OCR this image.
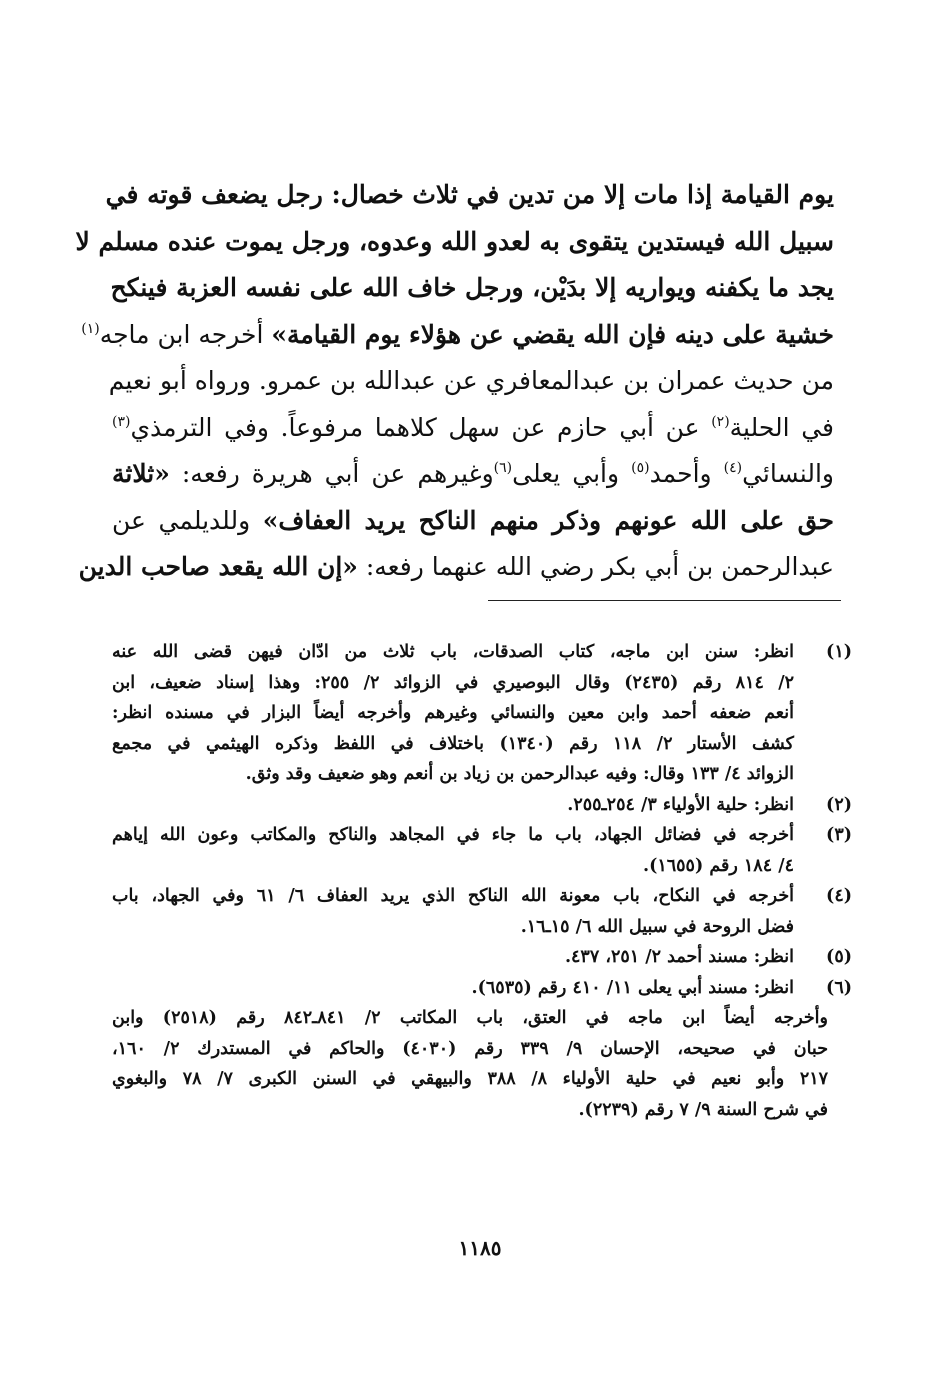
يوم القيامة إذا مات إلا من تدين في ثلاث خصال: رجل يضعف قوته في
سبيل الله فيستدين يتقوى به لعدو الله وعدوه، ورجل يموت عنده مسلم لا
يجد ما يكفنه ويواريه إلا بدَيْن، ورجل خاف الله على نفسه العزبة فينكح
خشية على دينه فإن الله يقضي عن هؤلاء يوم القيامة» أخرجه ابن ماجه$^{(١)}$
من حديث عمران بن عبدالمعافري عن عبدالله بن عمرو. ورواه أبو نعيم
في الحلية$^{(٢)}$ عن أبي حازم عن سهل كلاهما مرفوعاً. وفي الترمذي$^{(٣)}$
والنسائي$^{(٤)}$ وأحمد$^{(٥)}$ وأبي يعلى$^{(٦)}$وغيرهم عن أبي هريرة رفعه: «ثلاثة
حق على الله عونهم وذكر منهم الناكح يريد العفاف» وللديلمي عن
عبدالرحمن بن أبي بكر رضي الله عنهما رفعه: «إن الله يقعد صاحب الدين
(١)
انظر: سنن ابن ماجه، كتاب الصدقات، باب ثلاث من ادّان فيهن قضى الله عنه
٢/ ٨١٤ رقم (٢٤٣٥) وقال البوصيري في الزوائد ٢/ ٢٥٥: وهذا إسناد ضعيف، ابن
أنعم ضعفه أحمد وابن معين والنسائي وغيرهم وأخرجه أيضاً البزار في مسنده انظر:
كشف الأستار ٢/ ١١٨ رقم (١٣٤٠) باختلاف في اللفظ وذكره الهيثمي في مجمع
الزوائد ٤/ ١٣٣ وقال: وفيه عبدالرحمن بن زياد بن أنعم وهو ضعيف وقد وثق.
(٢)
انظر: حلية الأولياء ٣/ ٢٥٤ـ٢٥٥.
(٣)
أخرجه في فضائل الجهاد، باب ما جاء في المجاهد والناكح والمكاتب وعون الله إياهم
٤/ ١٨٤ رقم (١٦٥٥).
(٤)
أخرجه في النكاح، باب معونة الله الناكح الذي يريد العفاف ٦/ ٦١ وفي الجهاد، باب
فضل الروحة في سبيل الله ٦/ ١٥ـ١٦.
(٥)
انظر: مسند أحمد ٢/ ٢٥١، ٤٣٧.
(٦)
انظر: مسند أبي يعلى ١١/ ٤١٠ رقم (٦٥٣٥).
وأخرجه أيضاً ابن ماجه في العتق، باب المكاتب ٢/ ٨٤١ـ٨٤٢ رقم (٢٥١٨) وابن
حبان في صحيحه، الإحسان ٩/ ٣٣٩ رقم (٤٠٣٠) والحاكم في المستدرك ٢/ ١٦٠،
٢١٧ وأبو نعيم في حلية الأولياء ٨/ ٣٨٨ والبيهقي في السنن الكبرى ٧/ ٧٨ والبغوي
في شرح السنة ٩/ ٧ رقم (٢٢٣٩).
١١٨٥
